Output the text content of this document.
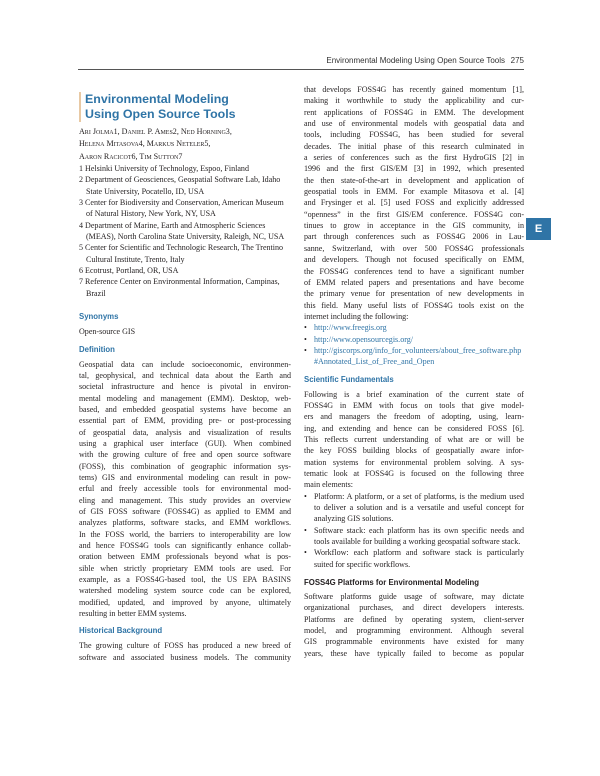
Environmental Modeling Using Open Source Tools 275
E
Environmental Modeling
Using Open Source Tools

Ari Jolma1, Daniel P. Ames2, Ned Horning3,

Helena Mitasova4, Markus Neteler5,

Aaron Racicot6, Tim Sutton7

1 Helsinki University of Technology, Espoo, Finland

2 Department of Geosciences, Geospatial Software Lab, Idaho State University, Pocatello, ID, USA

3 Center for Biodiversity and Conservation, American Museum of Natural History, New York, NY, USA

4 Department of Marine, Earth and Atmospheric Sciences (MEAS), North Carolina State University, Raleigh, NC, USA

5 Center for Scientific and Technologic Research, The Trentino Cultural Institute, Trento, Italy

6 Ecotrust, Portland, OR, USA

7 Reference Center on Environmental Information, Campinas, Brazil

Synonyms

Open-source GIS

Definition
Geospatial data can include socioeconomic, environmen-
tal, geophysical, and technical data about the Earth and
societal infrastructure and hence is pivotal in environ-
mental modeling and management (EMM). Desktop, web-
based, and embedded geospatial systems have become an
essential part of EMM, providing pre- or post-processing
of geospatial data, analysis and visualization of results
using a graphical user interface (GUI). When combined
with the growing culture of free and open source software
(FOSS), this combination of geographic information sys-
tems) GIS and environmental modeling can result in pow-
erful and freely accessible tools for environmental mod-
eling and management. This study provides an overview
of GIS FOSS software (FOSS4G) as applied to EMM and
analyzes platforms, software stacks, and EMM workflows.
In the FOSS world, the barriers to interoperability are low
and hence FOSS4G tools can significantly enhance collab-
oration between EMM professionals beyond what is pos-
sible when strictly proprietary EMM tools are used. For
example, as a FOSS4G-based tool, the US EPA BASINS
watershed modeling system source code can be explored,
modified, updated, and improved by anyone, ultimately
resulting in better EMM systems.
Historical Background
The growing culture of FOSS has produced a new breed of
software and associated business models. The community
that develops FOSS4G has recently gained momentum [1],
making it worthwhile to study the applicability and cur-
rent applications of FOSS4G in EMM. The development
and use of environmental models with geospatial data and
tools, including FOSS4G, has been studied for several
decades. The initial phase of this research culminated in
a series of conferences such as the first HydroGIS [2] in
1996 and the first GIS/EM [3] in 1992, which presented
the then state-of-the-art in development and application of
geospatial tools in EMM. For example Mitasova et al. [4]
and Frysinger et al. [5] used FOSS and explicitly addressed
“openness” in the first GIS/EM conference. FOSS4G con-
tinues to grow in acceptance in the GIS community, in
part through conferences such as FOSS4G 2006 in Lau-
sanne, Switzerland, with over 500 FOSS4G professionals
and developers. Though not focused specifically on EMM,
the FOSS4G conferences tend to have a significant number
of EMM related papers and presentations and have become
the primary venue for presentation of new developments in
this field. Many useful lists of FOSS4G tools exist on the
internet including the following:
• http://www.freegis.org
• http://www.opensourcegis.org/
• http://giscorps.org/info_for_volunteers/about_free_software.php#Annotated_List_of_Free_and_Open
Scientific Fundamentals
Following is a brief examination of the current state of
FOSS4G in EMM with focus on tools that give model-
ers and managers the freedom of adopting, using, learn-
ing, and extending and hence can be considered FOSS [6].
This reflects current understanding of what are or will be
the key FOSS building blocks of geospatially aware infor-
mation systems for environmental problem solving. A sys-
tematic look at FOSS4G is focused on the following three
main elements:
• Platform: A platform, or a set of platforms, is the medium used to deliver a solution and is a versatile and useful concept for analyzing GIS solutions.
• Software stack: each platform has its own specific needs and tools available for building a working geospatial software stack.
• Workflow: each platform and software stack is particularly suited for specific workflows.
FOSS4G Platforms for Environmental Modeling
Software platforms guide usage of software, may dictate
organizational purchases, and direct developers interests.
Platforms are defined by operating system, client-server
model, and programming environment. Although several
GIS programmable environments have existed for many
years, these have typically failed to become as popular
